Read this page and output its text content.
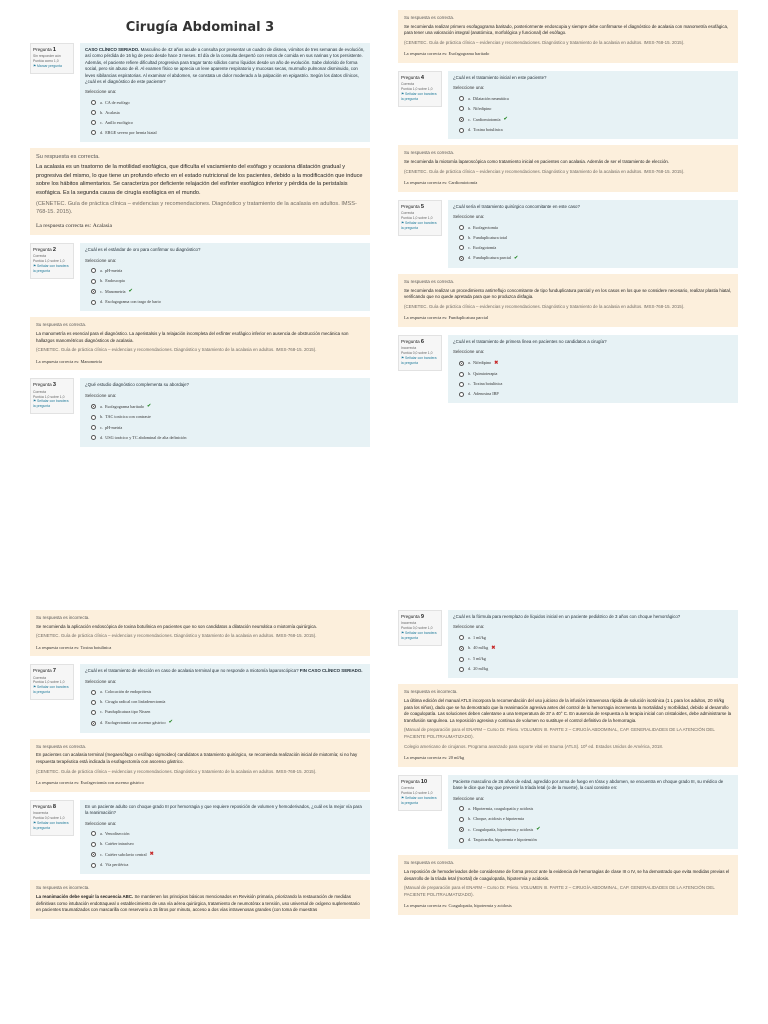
Cirugía Abdominal 3
Pregunta 1
Sin responder aún
Puntúa como 1,0
⚑ Marcar pregunta
CASO CLÍNICO SERIADO. Masculino de 42 años acude a consulta por presentar un cuadro de disnea, vómitos de tres semanas de evolución, así como pérdida de 16 kg de peso desde hace 3 meses. El día de la consulta despertó con restos de comida en sus narinas y tos persistente. Además, el paciente refiere dificultad progresiva para tragar tanto sólidos como líquidos desde un año de evolución. Sabe dolorido de forma social, pero sin abuso de él. Al examen físico se aprecia un leve aparente respiratorio y mucosas secas, murmullo pulmonar disminuido, con leves sibilancias espiratorias. Al examinar el abdomen, se constata un dolor moderado a la palpación en epigastrio. Según los datos clínicos, ¿cuál es el diagnóstico de este paciente?
Seleccione una:
a.
CA de esófago
b.
Acalasia
c.
Anillo esofágico
d.
ERGE severo por hernia hiatal
Su respuesta es correcta.
La acalasia es un trastorno de la motilidad esofágica, que dificulta el vaciamiento del esófago y ocasiona dilatación gradual y progresiva del mismo, lo que tiene un profundo efecto en el estado nutricional de los pacientes, debido a la modificación que induce sobre los hábitos alimentarios. Se caracteriza por deficiente relajación del esfínter esofágico inferior y pérdida de la peristalsis esofágica. Es la segunda causa de cirugía esofágica en el mundo.
(CENETEC. Guía de práctica clínica – evidencias y recomendaciones. Diagnóstico y tratamiento de la acalasia en adultos. IMSS-768-15. 2015).
La respuesta correcta es: Acalasia
Pregunta 2
Correcta
Puntúa 1,0 sobre 1,0
⚑ Señalar con bandera la pregunta
¿Cuál es el estándar de oro para confirmar su diagnóstico?
Seleccione una:
a.
pH-metría
b.
Endoscopia
c.
Manometría ✔
d.
Esofagograma con trago de bario
Su respuesta es correcta.
La manometría es esencial para el diagnóstico. La aperistalsis y la relajación incompleta del esfínter esofágico inferior en ausencia de obstrucción mecánica son hallazgos manométricos diagnósticos de acalasia.
(CENETEC. Guía de práctica clínica – evidencias y recomendaciones. Diagnóstico y tratamiento de la acalasia en adultos. IMSS-768-15. 2015).
La respuesta correcta es: Manometría
Pregunta 3
Correcta
Puntúa 1,0 sobre 1,0
⚑ Señalar con bandera la pregunta
¿Qué estudio diagnóstico complementa su abordaje?
Seleccione una:
a.
Esofagograma baritado ✔
b.
TAC torácica con contraste
c.
pH-metría
d.
USG torácico y TC abdominal de alta definición
Su respuesta es correcta.
Se recomienda realizar primero esofagograma baritado, posteriormente endoscopia y siempre debe confirmarse el diagnóstico de acalasia con manometría esofágica, para tener una valoración integral (anatómica, morfológica y funcional) del esófago.
(CENETEC. Guía de práctica clínica – evidencias y recomendaciones. Diagnóstico y tratamiento de la acalasia en adultos. IMSS-768-15. 2015).
La respuesta correcta es: Esofagograma baritado
Pregunta 4
Correcta
Puntúa 1,0 sobre 1,0
⚑ Señalar con bandera la pregunta
¿Cuál es el tratamiento inicial en este paciente?
Seleccione una:
a.
Dilatación neumática
b.
Nifedipino
c.
Cardiomiotomía ✔
d.
Toxina botulínica
Su respuesta es correcta.
Se recomienda la miotomía laparoscópica como tratamiento inicial en pacientes con acalasia. Además de ser el tratamiento de elección.
(CENETEC. Guía de práctica clínica – evidencias y recomendaciones. Diagnóstico y tratamiento de la acalasia en adultos. IMSS-768-15. 2015).
La respuesta correcta es: Cardiomiotomía
Pregunta 5
Correcta
Puntúa 1,0 sobre 1,0
⚑ Señalar con bandera la pregunta
¿Cuál sería el tratamiento quirúrgico concomitante en este caso?
Seleccione una:
a.
Esofagectomía
b.
Funduplicatura total
c.
Esofagotomía
d.
Funduplicatura parcial ✔
Su respuesta es correcta.
Se recomienda realizar un procedimiento antirreflujo concomitante de tipo funduplicatura parcial y en los casos en los que se considere necesario, realizar plastia hiatal, verificando que no quede apretada para que no produzca disfagia.
(CENETEC. Guía de práctica clínica – evidencias y recomendaciones. Diagnóstico y tratamiento de la acalasia en adultos. IMSS-768-15. 2015).
La respuesta correcta es: Funduplicatura parcial
Pregunta 6
Incorrecta
Puntúa 0,0 sobre 1,0
⚑ Señalar con bandera la pregunta
¿Cuál es el tratamiento de primera línea en pacientes no candidatos a cirugía?
Seleccione una:
a.
Nifedipino ✖
b.
Quimioterapia
c.
Toxina botulínica
d.
Adenosina IBP
Su respuesta es incorrecta.
Se recomienda la aplicación endoscópica de toxina botulínica en pacientes que no son candidatos a dilatación neumática o miotomía quirúrgica.
(CENETEC. Guía de práctica clínica – evidencias y recomendaciones. Diagnóstico y tratamiento de la acalasia en adultos. IMSS-768-15. 2015).
La respuesta correcta es: Toxina botulínica
Pregunta 7
Correcta
Puntúa 1,0 sobre 1,0
⚑ Señalar con bandera la pregunta
¿Cuál es el tratamiento de elección en caso de acalasia terminal que no responde a miotomía laparoscópica? FIN CASO CLÍNICO SERIADO.
Seleccione una:
a.
Colocación de endoprótesis
b.
Cirugía radical con linfadenectomía
c.
Funduplicatura tipo Nissen
d.
Esofagectomía con ascenso gástrico ✔
Su respuesta es correcta.
En pacientes con acalasia terminal (megaesófago o esófago sigmoideo) candidatos a tratamiento quirúrgico, se recomienda realización inicial de miotomía; si no hay respuesta terapéutica está indicada la esofagectomía con ascenso gástrico.
(CENETEC. Guía de práctica clínica – evidencias y recomendaciones. Diagnóstico y tratamiento de la acalasia en adultos. IMSS-768-15. 2015).
La respuesta correcta es: Esofagectomía con ascenso gástrico
Pregunta 8
Incorrecta
Puntúa 0,0 sobre 1,0
⚑ Señalar con bandera la pregunta
En un paciente adulto con choque grado III por hemorragia y que requiere reposición de volumen y hemoderivados, ¿cuál es la mejor vía para la reanimación?
Seleccione una:
a.
Venodisección
b.
Catéter intraóseo
c.
Catéter subclavio central ✖
d.
Vía periférica
Su respuesta es incorrecta.
La reanimación debe seguir la secuencia ABC. Se mantienen los principios básicos mencionados en Revisión primaria, priorizando la restauración de medidas definitivas como intubación endotraqueal o establecimiento de una vía aérea quirúrgica, tratamiento de neumotórax a tensión, uso universal de oxígeno suplementario en pacientes traumatizados con mascarilla con reservorio a 15 litros por minuto, acceso a dos vías intravenosas grandes (con toma de muestras
Pregunta 9
Incorrecta
Puntúa 0,0 sobre 1,0
⚑ Señalar con bandera la pregunta
¿Cuál es la fórmula para reemplazo de líquidos inicial en un paciente pediátrico de 3 años con choque hemorrágico?
Seleccione una:
a.
1 ml/kg
b.
40 ml/kg ✖
c.
5 ml/kg
d.
20 ml/kg
Su respuesta es incorrecta.
La última edición del manual ATLS incorpora la recomendación del uso juicioso de la infusión intravenosa rápida de solución isotónica (1 L para los adultos, 20 ml/kg para los niños), dado que se ha demostrado que la reanimación agresiva antes del control de la hemorragia incrementa la mortalidad y morbilidad, debido al desarrollo de coagulopatía. Las soluciones deben calentarse a una temperatura de 37 a 40° C. En ausencia de respuesta a la terapia inicial con cristaloides, debe administrarse la transfusión sanguínea. La reposición agresiva y continua de volumen no sustituye el control definitivo de la hemorragia.
(Manual de preparación para el ENARM – Curso Dr. Prieto. VOLUMEN III. PARTE 2 – CIRUGÍA ABDOMINAL, CAP. GENERALIDADES DE LA ATENCIÓN DEL PACIENTE POLITRAUMATIZADO).
Colegio americano de cirujanos. Programa avanzado para soporte vital en trauma (ATLS). 10ª ed. Estados Unidos de América, 2018.
La respuesta correcta es: 20 ml/kg
Pregunta 10
Correcta
Puntúa 1,0 sobre 1,0
⚑ Señalar con bandera la pregunta
Paciente masculino de 26 años de edad, agredido por arma de fuego en tórax y abdomen, se encuentra en choque grado III, su médico de base le dice que hay que prevenir la tríada letal (o de la muerte), la cual consiste en:
Seleccione una:
a.
Hipotermia, coagulopatía y acidosis
b.
Choque, acidosis e hipotermia
c.
Coagulopatía, hipotermia y acidosis ✔
d.
Taquicardia, hipotermia e hipotensión
Su respuesta es correcta.
La reposición de hemoderivados debe considerarse de forma precoz ante la evidencia de hemorragias de clase III o IV, se ha demostrado que evita medidas previas el desarrollo de la tríada letal (mortal) de coagulopatía, hipotermia y acidosis.
(Manual de preparación para el ENARM – Curso Dr. Prieto. VOLUMEN III. PARTE 2 – CIRUGÍA ABDOMINAL, CAP. GENERALIDADES DE LA ATENCIÓN DEL PACIENTE POLITRAUMATIZADO).
La respuesta correcta es: Coagulopatía, hipotermia y acidosis
